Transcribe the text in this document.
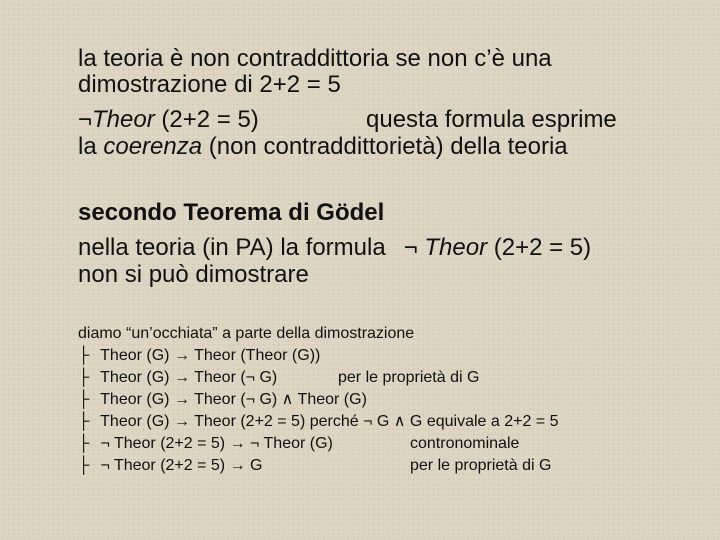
la teoria è non contraddittoria se non c’è una
dimostrazione di 2+2 = 5
¬Theor (2+2 = 5)	questa formula esprime
la coerenza (non contraddittorietà) della teoria
secondo Teorema di Gödel
nella teoria (in PA) la formula ¬ Theor (2+2 = 5)
non si può dimostrare
diamo “un’occhiata” a parte della dimostrazione
├ Theor (G) → Theor (Theor (G))
├ Theor (G) → Theor (¬ G)	per le proprietà di G
├ Theor (G) → Theor (¬ G) ∧ Theor (G)
├ Theor (G) → Theor (2+2 = 5) perché ¬ G ∧ G equivale a 2+2 = 5
├ ¬ Theor (2+2 = 5) → ¬ Theor (G)	contronominale
├ ¬ Theor (2+2 = 5) → G	per le proprietà di G
